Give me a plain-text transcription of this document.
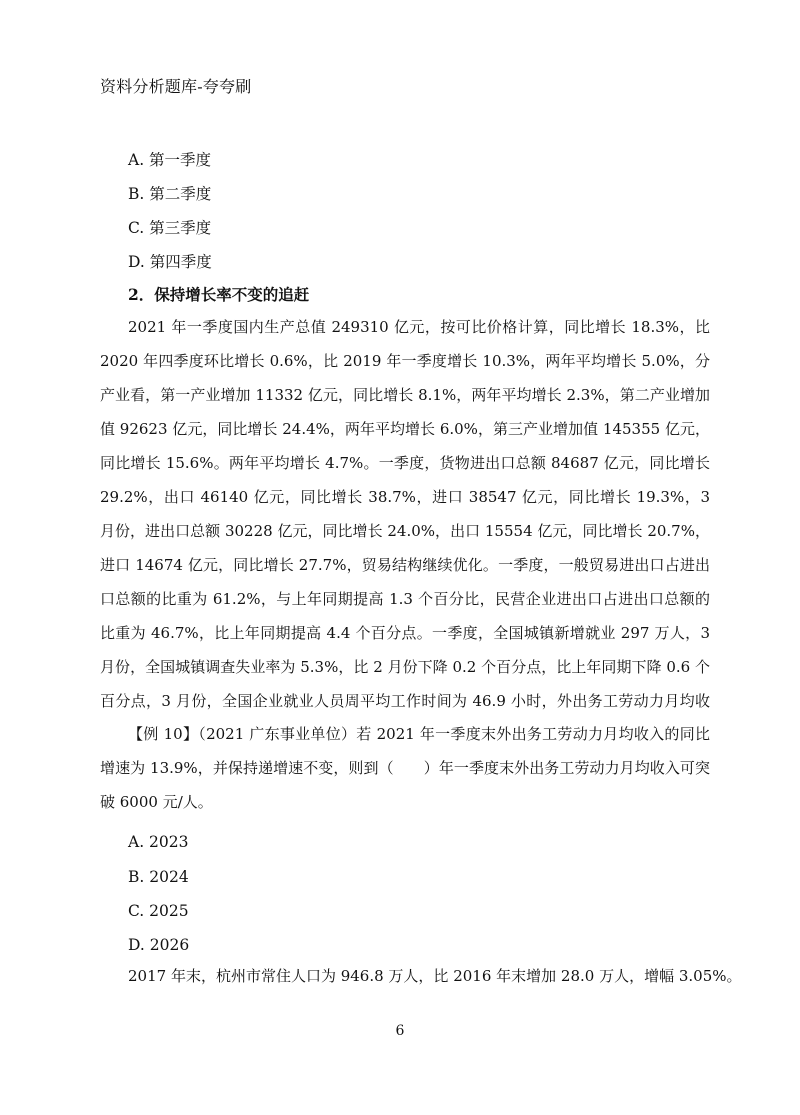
资料分析题库-夸夸刷
A. 第一季度
B. 第二季度
C. 第三季度
D. 第四季度
2．保持增长率不变的追赶
2021 年一季度国内生产总值 249310 亿元，按可比价格计算，同比增长 18.3%，比 2020 年四季度环比增长 0.6%，比 2019 年一季度增长 10.3%，两年平均增长 5.0%，分产业看，第一产业增加 11332 亿元，同比增长 8.1%，两年平均增长 2.3%，第二产业增加值 92623 亿元，同比增长 24.4%，两年平均增长 6.0%，第三产业增加值 145355 亿元，同比增长 15.6%。两年平均增长 4.7%。一季度，货物进出口总额 84687 亿元，同比增长 29.2%，出口 46140 亿元，同比增长 38.7%，进口 38547 亿元，同比增长 19.3%，3 月份，进出口总额 30228 亿元，同比增长 24.0%，出口 15554 亿元，同比增长 20.7%，进口 14674 亿元，同比增长 27.7%，贸易结构继续优化。一季度，一般贸易进出口占进出口总额的比重为 61.2%，与上年同期提高 1.3 个百分比，民营企业进出口占进出口总额的比重为 46.7%，比上年同期提高 4.4 个百分点。一季度，全国城镇新增就业 297 万人，3 月份，全国城镇调查失业率为 5.3%，比 2 月份下降 0.2 个百分点，比上年同期下降 0.6 个百分点，3 月份，全国企业就业人员周平均工作时间为 46.9 小时，外出务工劳动力月均收
【例 10】（2021 广东事业单位）若 2021 年一季度末外出务工劳动力月均收入的同比增速为 13.9%，并保持递增速不变，则到（　　）年一季度末外出务工劳动力月均收入可突破 6000 元/人。
A. 2023
B. 2024
C. 2025
D. 2026
2017 年末，杭州市常住人口为 946.8 万人，比 2016 年末增加 28.0 万人，增幅 3.05%。
6
